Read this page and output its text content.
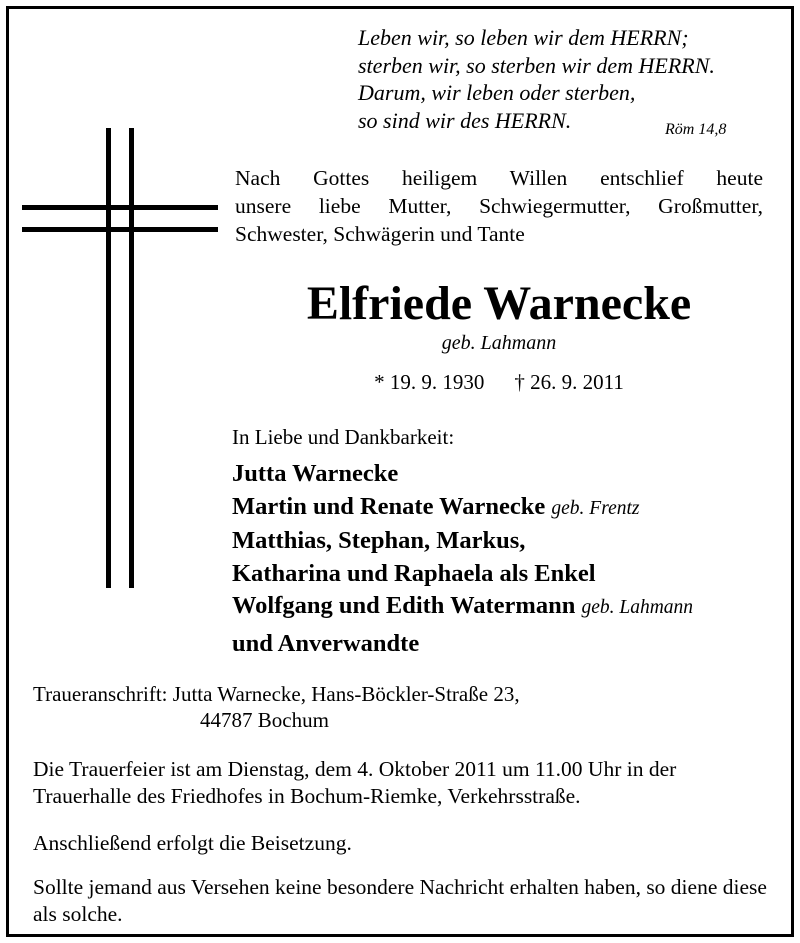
Leben wir, so leben wir dem HERRN;
sterben wir, so sterben wir dem HERRN.
Darum, wir leben oder sterben,
so sind wir des HERRN.	Röm 14,8
Nach Gottes heiligem Willen entschlief heute
unsere liebe Mutter, Schwiegermutter, Großmutter,
Schwester, Schwägerin und Tante
Elfriede Warnecke
geb. Lahmann
* 19. 9. 1930 † 26. 9. 2011
In Liebe und Dankbarkeit:
Jutta Warnecke
Martin und Renate Warnecke geb. Frentz
Matthias, Stephan, Markus,
Katharina und Raphaela als Enkel
Wolfgang und Edith Watermann geb. Lahmann
und Anverwandte
Traueranschrift: Jutta Warnecke, Hans-Böckler-Straße 23,
44787 Bochum
Die Trauerfeier ist am Dienstag, dem 4. Oktober 2011 um 11.00 Uhr in der Trauerhalle des Friedhofes in Bochum-Riemke, Verkehrsstraße.
Anschließend erfolgt die Beisetzung.
Sollte jemand aus Versehen keine besondere Nachricht erhalten haben, so diene diese als solche.
